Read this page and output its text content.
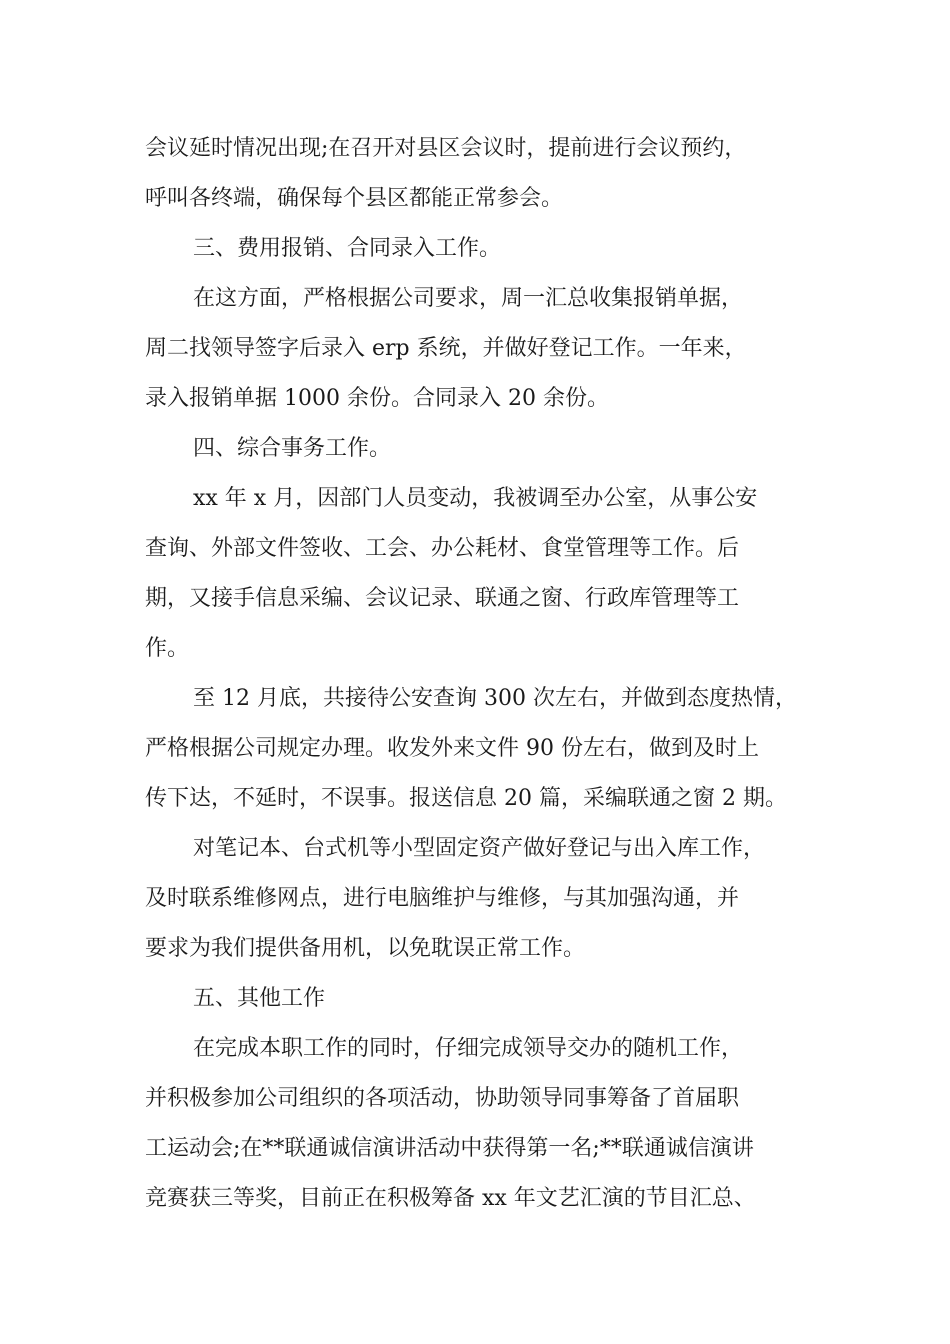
会议延时情况出现;在召开对县区会议时，提前进行会议预约，
呼叫各终端，确保每个县区都能正常参会。

三、费用报销、合同录入工作。

在这方面，严格根据公司要求，周一汇总收集报销单据，
周二找领导签字后录入 erp 系统，并做好登记工作。一年来，
录入报销单据 1000 余份。合同录入 20 余份。

四、综合事务工作。

xx 年 x 月，因部门人员变动，我被调至办公室，从事公安
查询、外部文件签收、工会、办公耗材、食堂管理等工作。后
期，又接手信息采编、会议记录、联通之窗、行政库管理等工
作。

至 12 月底，共接待公安查询 300 次左右，并做到态度热情，
严格根据公司规定办理。收发外来文件 90 份左右，做到及时上
传下达，不延时，不误事。报送信息 20 篇，采编联通之窗 2 期。

对笔记本、台式机等小型固定资产做好登记与出入库工作，
及时联系维修网点，进行电脑维护与维修，与其加强沟通，并
要求为我们提供备用机，以免耽误正常工作。

五、其他工作

在完成本职工作的同时，仔细完成领导交办的随机工作，
并积极参加公司组织的各项活动，协助领导同事筹备了首届职
工运动会;在**联通诚信演讲活动中获得第一名;**联通诚信演讲
竞赛获三等奖，目前正在积极筹备 xx 年文艺汇演的节目汇总、
